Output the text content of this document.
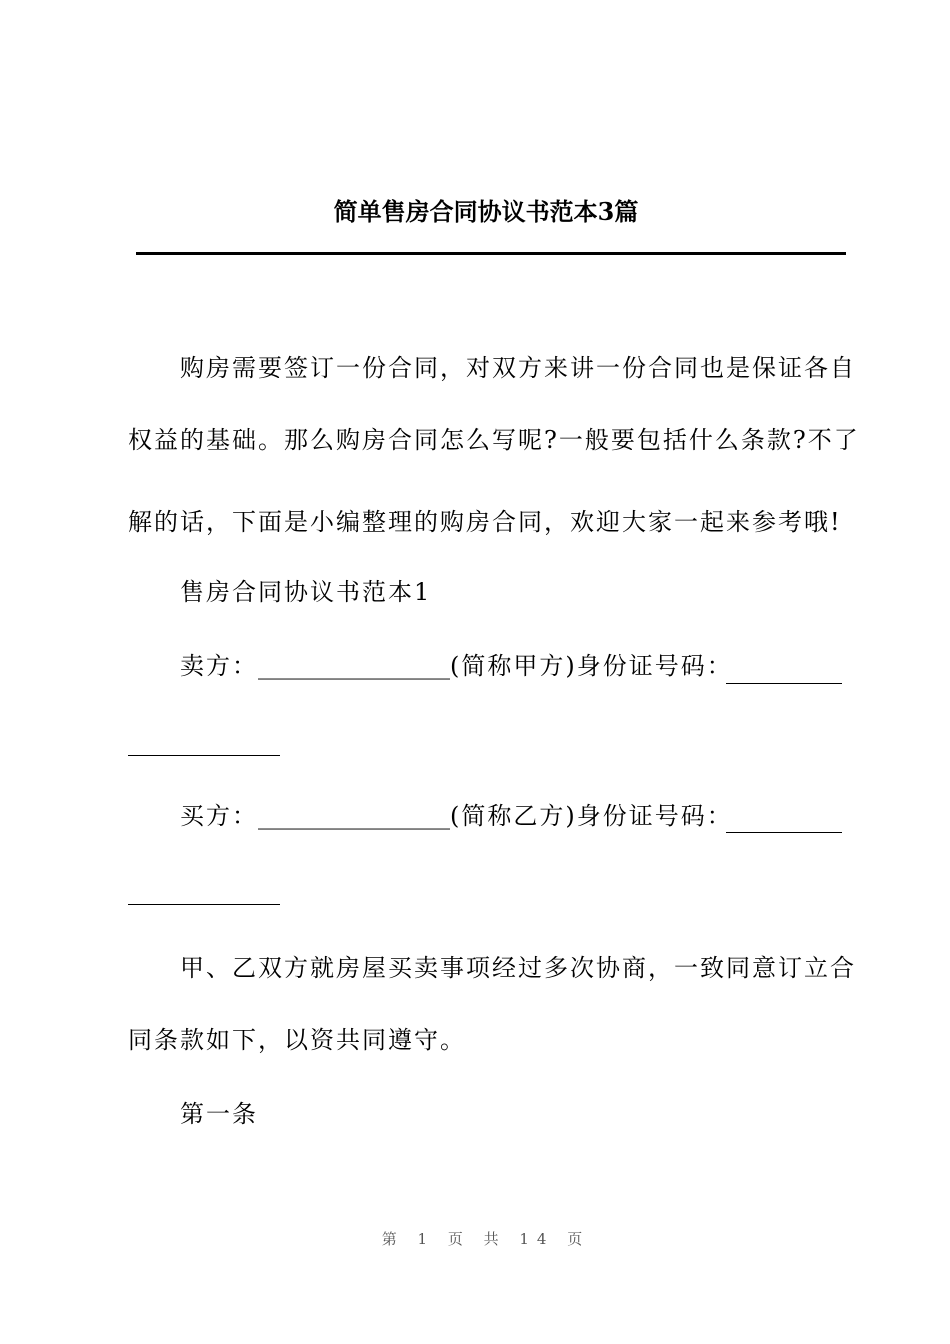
简单售房合同协议书范本3篇
购房需要签订一份合同，对双方来讲一份合同也是保证各自
权益的基础。那么购房合同怎么写呢?一般要包括什么条款?不了
解的话，下面是小编整理的购房合同，欢迎大家一起来参考哦!
售房合同协议书范本1
卖方：________________(简称甲方)身份证号码：
买方：________________(简称乙方)身份证号码：
甲、乙双方就房屋买卖事项经过多次协商，一致同意订立合
同条款如下，以资共同遵守。
第一条
第 1 页 共 14 页
